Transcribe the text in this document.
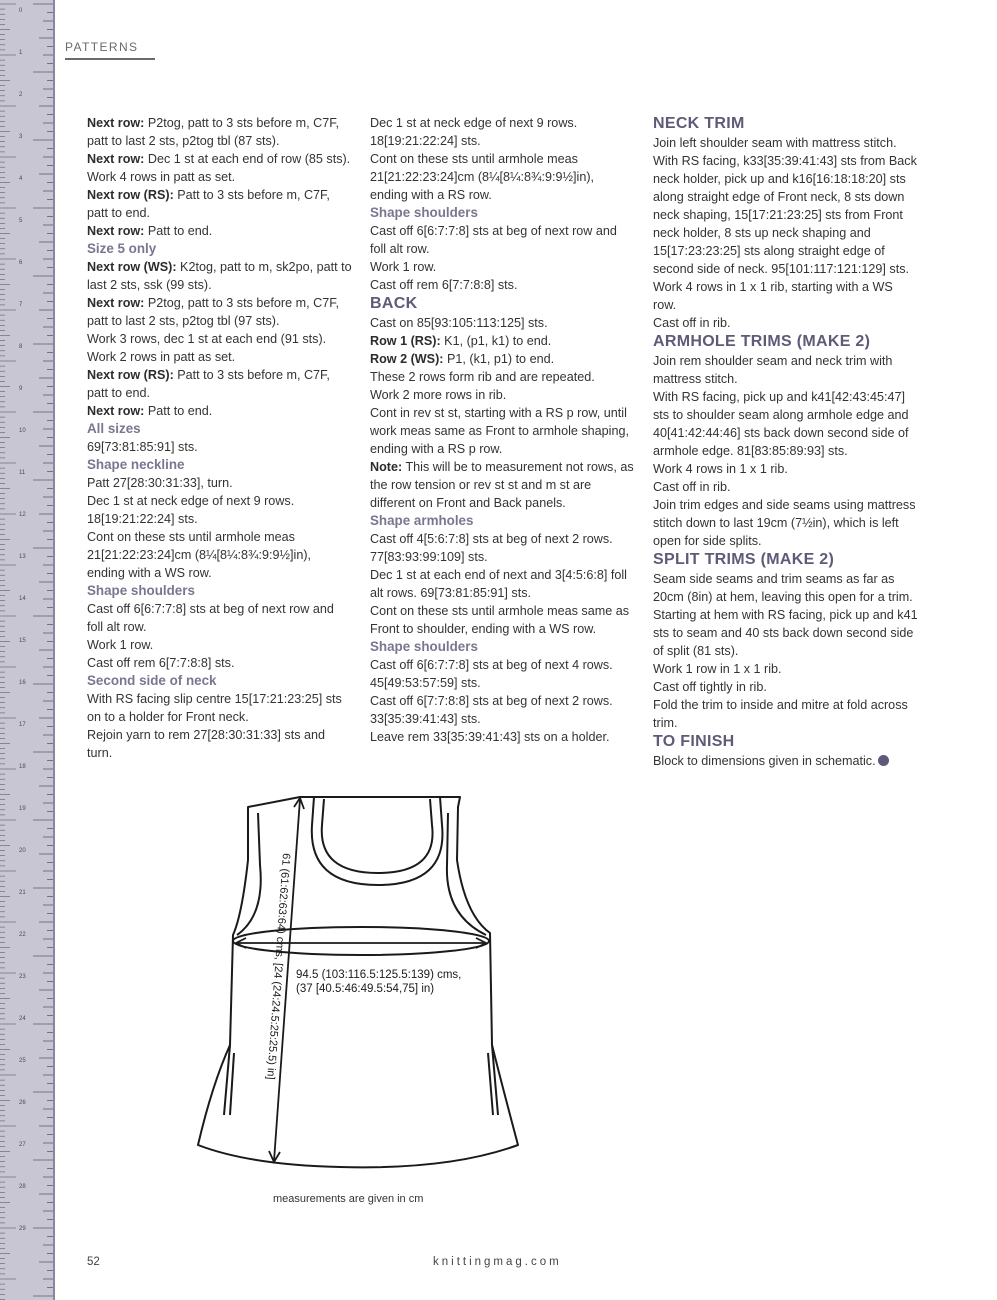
0
1
2
3
4
5
6
7
8
9
10
11
12
13
14
15
16
17
18
19
20
21
22
23
24
25
26
27
28
29
PATTERNS

Next row: P2tog, patt to 3 sts before m, C7F, patt to last 2 sts, p2tog tbl (87 sts).

Next row: Dec 1 st at each end of row (85 sts).

Work 4 rows in patt as set.

Next row (RS): Patt to 3 sts before m, C7F, patt to end.

Next row: Patt to end.

Size 5 only

Next row (WS): K2tog, patt to m, sk2po, patt to last 2 sts, ssk (99 sts).

Next row: P2tog, patt to 3 sts before m, C7F, patt to last 2 sts, p2tog tbl (97 sts).

Work 3 rows, dec 1 st at each end (91 sts).

Work 2 rows in patt as set.

Next row (RS): Patt to 3 sts before m, C7F, patt to end.

Next row: Patt to end.

All sizes

69[73:81:85:91] sts.

Shape neckline

Patt 27[28:30:31:33], turn.

Dec 1 st at neck edge of next 9 rows. 18[19:21:22:24] sts.

Cont on these sts until armhole meas 21[21:22:23:24]cm (8¼[8¼:8¾:9:9½]in), ending with a WS row.

Shape shoulders

Cast off 6[6:7:7:8] sts at beg of next row and foll alt row.

Work 1 row.

Cast off rem 6[7:7:8:8] sts.

Second side of neck

With RS facing slip centre 15[17:21:23:25] sts on to a holder for Front neck.

Rejoin yarn to rem 27[28:30:31:33] sts and turn.

Dec 1 st at neck edge of next 9 rows. 18[19:21:22:24] sts.

Cont on these sts until armhole meas 21[21:22:23:24]cm (8¼[8¼:8¾:9:9½]in), ending with a RS row.

Shape shoulders

Cast off 6[6:7:7:8] sts at beg of next row and foll alt row.

Work 1 row.

Cast off rem 6[7:7:8:8] sts.

BACK

Cast on 85[93:105:113:125] sts.

Row 1 (RS): K1, (p1, k1) to end.

Row 2 (WS): P1, (k1, p1) to end.

These 2 rows form rib and are repeated.

Work 2 more rows in rib.

Cont in rev st st, starting with a RS p row, until work meas same as Front to armhole shaping, ending with a RS p row.

Note: This will be to measurement not rows, as the row tension or rev st st and m st are different on Front and Back panels.

Shape armholes

Cast off 4[5:6:7:8] sts at beg of next 2 rows. 77[83:93:99:109] sts.

Dec 1 st at each end of next and 3[4:5:6:8] foll alt rows. 69[73:81:85:91] sts.

Cont on these sts until armhole meas same as Front to shoulder, ending with a WS row.

Shape shoulders

Cast off 6[6:7:7:8] sts at beg of next 4 rows. 45[49:53:57:59] sts.

Cast off 6[7:7:8:8] sts at beg of next 2 rows. 33[35:39:41:43] sts.

Leave rem 33[35:39:41:43] sts on a holder.

NECK TRIM

Join left shoulder seam with mattress stitch.

With RS facing, k33[35:39:41:43] sts from Back neck holder, pick up and k16[16:18:18:20] sts along straight edge of Front neck, 8 sts down neck shaping, 15[17:21:23:25] sts from Front neck holder, 8 sts up neck shaping and 15[17:23:23:25] sts along straight edge of second side of neck. 95[101:117:121:129] sts.

Work 4 rows in 1 x 1 rib, starting with a WS row.

Cast off in rib.

ARMHOLE TRIMS (MAKE 2)

Join rem shoulder seam and neck trim with mattress stitch.

With RS facing, pick up and k41[42:43:45:47] sts to shoulder seam along armhole edge and 40[41:42:44:46] sts back down second side of armhole edge. 81[83:85:89:93] sts.

Work 4 rows in 1 x 1 rib.

Cast off in rib.

Join trim edges and side seams using mattress stitch down to last 19cm (7½in), which is left open for side splits.

SPLIT TRIMS (MAKE 2)

Seam side seams and trim seams as far as 20cm (8in) at hem, leaving this open for a trim.

Starting at hem with RS facing, pick up and k41 sts to seam and 40 sts back down second side of split (81 sts).

Work 1 row in 1 x 1 rib.

Cast off tightly in rib.

Fold the trim to inside and mitre at fold across trim.

TO FINISH

Block to dimensions given in schematic.

61 (61:62:63:64) cms, [24 (24:24.5:25:25.5) in] 94.5 (103:116.5:125.5:139) cms,
(37 [40.5:46:49.5:54,75] in)
measurements are given in cm
52	knittingmag.com
